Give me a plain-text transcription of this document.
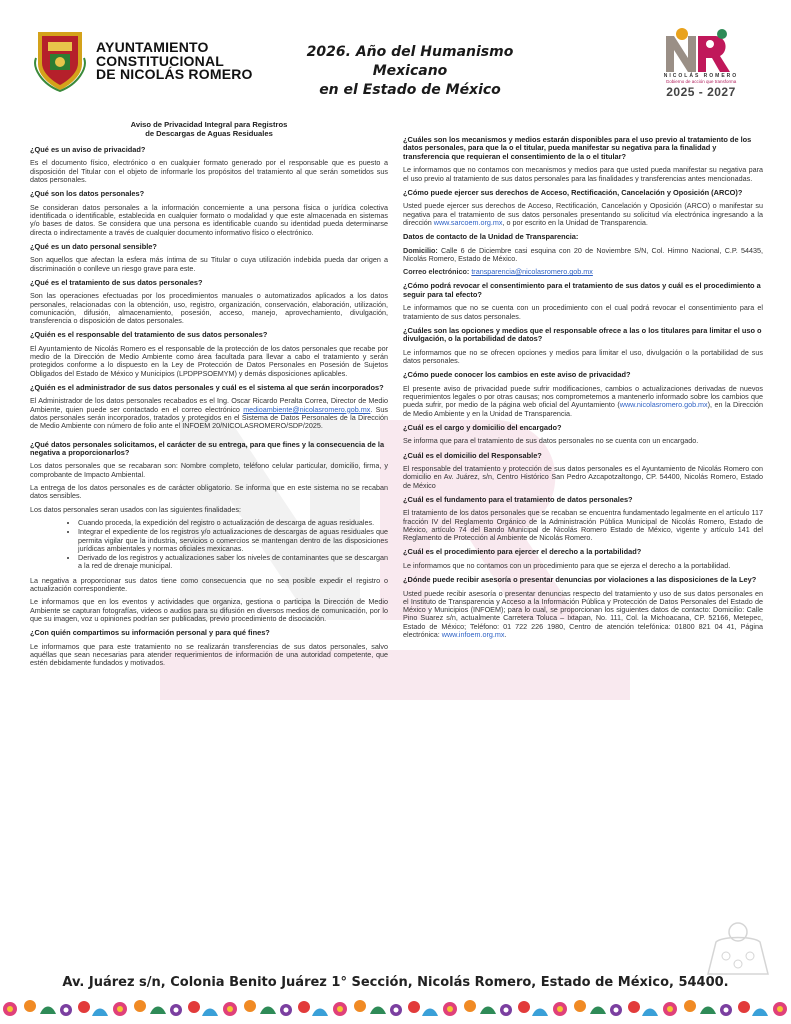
AYUNTAMIENTO
CONSTITUCIONAL
DE NICOLÁS ROMERO
2026. Año del Humanismo Mexicano
en el Estado de México
NICOLÁS ROMERO
Gobierno de acción que transforma
2025 - 2027
Aviso de Privacidad Integral para Registros
de Descargas de Aguas Residuales
¿Qué es un aviso de privacidad?

Es el documento físico, electrónico o en cualquier formato generado por el responsable que es puesto a disposición del Titular con el objeto de informarle los propósitos del tratamiento al que serán sometidos sus datos personales.

¿Qué son los datos personales?

Se consideran datos personales a la información concerniente a una persona física o jurídica colectiva identificada o identificable, establecida en cualquier formato o modalidad y que este almacenada en sistemas y/o bases de datos. Se considera que una persona es identificable cuando su identidad pueda determinarse directa o indirectamente a través de cualquier documento informativo físico o electrónico.

¿Qué es un dato personal sensible?

Son aquellos que afectan la esfera más íntima de su Titular o cuya utilización indebida pueda dar origen a discriminación o conlleve un riesgo grave para este.

¿Qué es el tratamiento de sus datos personales?

Son las operaciones efectuadas por los procedimientos manuales o automatizados aplicados a los datos personales, relacionadas con la obtención, uso, registro, organización, conservación, elaboración, utilización, comunicación, difusión, almacenamiento, posesión, acceso, manejo, aprovechamiento, divulgación, transferencia o disposición de datos personales.

¿Quién es el responsable del tratamiento de sus datos personales?

El Ayuntamiento de Nicolás Romero es el responsable de la protección de los datos personales que recabe por medio de la Dirección de Medio Ambiente como área facultada para llevar a cabo el tratamiento y serán protegidos conforme a lo dispuesto en la Ley de Protección de Datos Personales en Posesión de Sujetos Obligados del Estado de México y Municipios (LPDPPSOEMYM) y demás disposiciones aplicables.

¿Quién es el administrador de sus datos personales y cuál es el sistema al que serán incorporados?

El Administrador de los datos personales recabados es el Ing. Oscar Ricardo Peralta Correa, Director de Medio Ambiente, quien puede ser contactado en el correo electrónico medioambiente@nicolasromero.gob.mx. Sus datos personales serán incorporados, tratados y protegidos en el Sistema de Datos Personales de la Dirección de Medio Ambiente con número de folio ante el INFOEM 20/NICOLASROMERO/SDP/2025.

¿Qué datos personales solicitamos, el carácter de su entrega, para que fines y la consecuencia de la negativa a proporcionarlos?

Los datos personales que se recabaran son: Nombre completo, teléfono celular particular, domicilio, firma, y comprobante de Impacto Ambiental.

La entrega de los datos personales es de carácter obligatorio. Se informa que en este sistema no se recaban datos sensibles.

Los datos personales seran usados con las siguientes finalidades:

• Cuando proceda, la expedición del registro o actualización de descarga de aguas residuales.
• Integrar el expediente de los registros y/o actualizaciones de descargas de aguas residuales que permita vigilar que la industria, servicios o comercios se mantengan dentro de las disposiciones jurídicas ambientales y normas oficiales mexicanas.
• Derivado de los registros y actualizaciones saber los niveles de contaminantes que se descargan a la red de drenaje municipal.

La negativa a proporcionar sus datos tiene como consecuencia que no sea posible expedir el registro o actualización correspondiente.

Le informamos que en los eventos y actividades que organiza, gestiona o participa la Dirección de Medio Ambiente se capturan fotografías, videos o audios para su difusión en diversos medios de comunicación, por lo que su imagen, voz u opiniones podrían ser publicadas, previo procedimiento de disociación.

¿Con quién compartimos su información personal y para qué fines?

Le informamos que para este tratamiento no se realizarán transferencias de sus datos personales, salvo aquéllas que sean necesarias para atender requerimientos de información de una autoridad competente, que estén debidamente fundados y motivados.

¿Cuáles son los mecanismos y medios estarán disponibles para el uso previo al tratamiento de los datos personales, para que la o el titular, pueda manifestar su negativa para la finalidad y transferencia que requieran el consentimiento de la o el titular?

Le informamos que no contamos con mecanismos y medios para que usted pueda manifestar su negativa para el uso previo al tratamiento de sus datos personales para las finalidades y transferencias antes mencionadas.

¿Cómo puede ejercer sus derechos de Acceso, Rectificación, Cancelación y Oposición (ARCO)?

Usted puede ejercer sus derechos de Acceso, Rectificación, Cancelación y Oposición (ARCO) o manifestar su negativa para el tratamiento de sus datos personales presentando su solicitud vía electrónica ingresando a la dirección www.sarcoem.org.mx, o por escrito en la Unidad de Transparencia.

Datos de contacto de la Unidad de Transparencia:

Domicilio: Calle 6 de Diciembre casi esquina con 20 de Noviembre S/N, Col. Himno Nacional, C.P. 54435, Nicolás Romero, Estado de México.

Correo electrónico: transparencia@nicolasromero.gob.mx

¿Cómo podrá revocar el consentimiento para el tratamiento de sus datos y cuál es el procedimiento a seguir para tal efecto?

Le informamos que no se cuenta con un procedimiento con el cual podrá revocar el consentimiento para el tratamiento de sus datos personales.

¿Cuáles son las opciones y medios que el responsable ofrece a las o los titulares para limitar el uso o divulgación, o la portabilidad de datos?

Le informamos que no se ofrecen opciones y medios para limitar el uso, divulgación o la portabilidad de sus datos personales.

¿Cómo puede conocer los cambios en este aviso de privacidad?

El presente aviso de privacidad puede sufrir modificaciones, cambios o actualizaciones derivadas de nuevos requerimientos legales o por otras causas; nos comprometemos a mantenerlo informado sobre los cambios que pueda sufrir, por medio de la página web oficial del Ayuntamiento (www.nicolasromero.gob.mx), en la Dirección de Medio Ambiente y en la Unidad de Transparencia.

¿Cuál es el cargo y domicilio del encargado?

Se informa que para el tratamiento de sus datos personales no se cuenta con un encargado.

¿Cuál es el domicilio del Responsable?

El responsable del tratamiento y protección de sus datos personales es el Ayuntamiento de Nicolás Romero con domicilio en Av. Juárez, s/n, Centro Histórico San Pedro Azcapotzaltongo, CP. 54400, Nicolás Romero, Estado de México

¿Cuál es el fundamento para el tratamiento de datos personales?

El tratamiento de los datos personales que se recaban se encuentra fundamentado legalmente en el artículo 117 fracción IV del Reglamento Orgánico de la Administración Pública Municipal de Nicolás Romero, Estado de México, artículo 74 del Bando Municipal de Nicolás Romero Estado de México, vigente y artículo 141 del Reglamento de Protección al Ambiente de Nicolás Romero.

¿Cuál es el procedimiento para ejercer el derecho a la portabilidad?

Le informamos que no contamos con un procedimiento para que se ejerza el derecho a la portabilidad.

¿Dónde puede recibir asesoría o presentar denuncias por violaciones a las disposiciones de la Ley?

Usted puede recibir asesoría o presentar denuncias respecto del tratamiento y uso de sus datos personales en el Instituto de Transparencia y Acceso a la Información Pública y Protección de Datos Personales del Estado de México y Municipios (INFOEM); para lo cual, se proporcionan los siguientes datos de contacto: Domicilio: Calle Pino Suarez s/n, actualmente Carretera Toluca – Ixtapan, No. 111, Col. la Michoacana, CP. 52166, Metepec, Estado de México; Teléfono: 01 722 226 1980, Centro de atención telefónica: 01800 821 04 41, Página electrónica: www.infoem.org.mx.

Av. Juárez s/n, Colonia Benito Juárez 1° Sección, Nicolás Romero, Estado de México, 54400.
